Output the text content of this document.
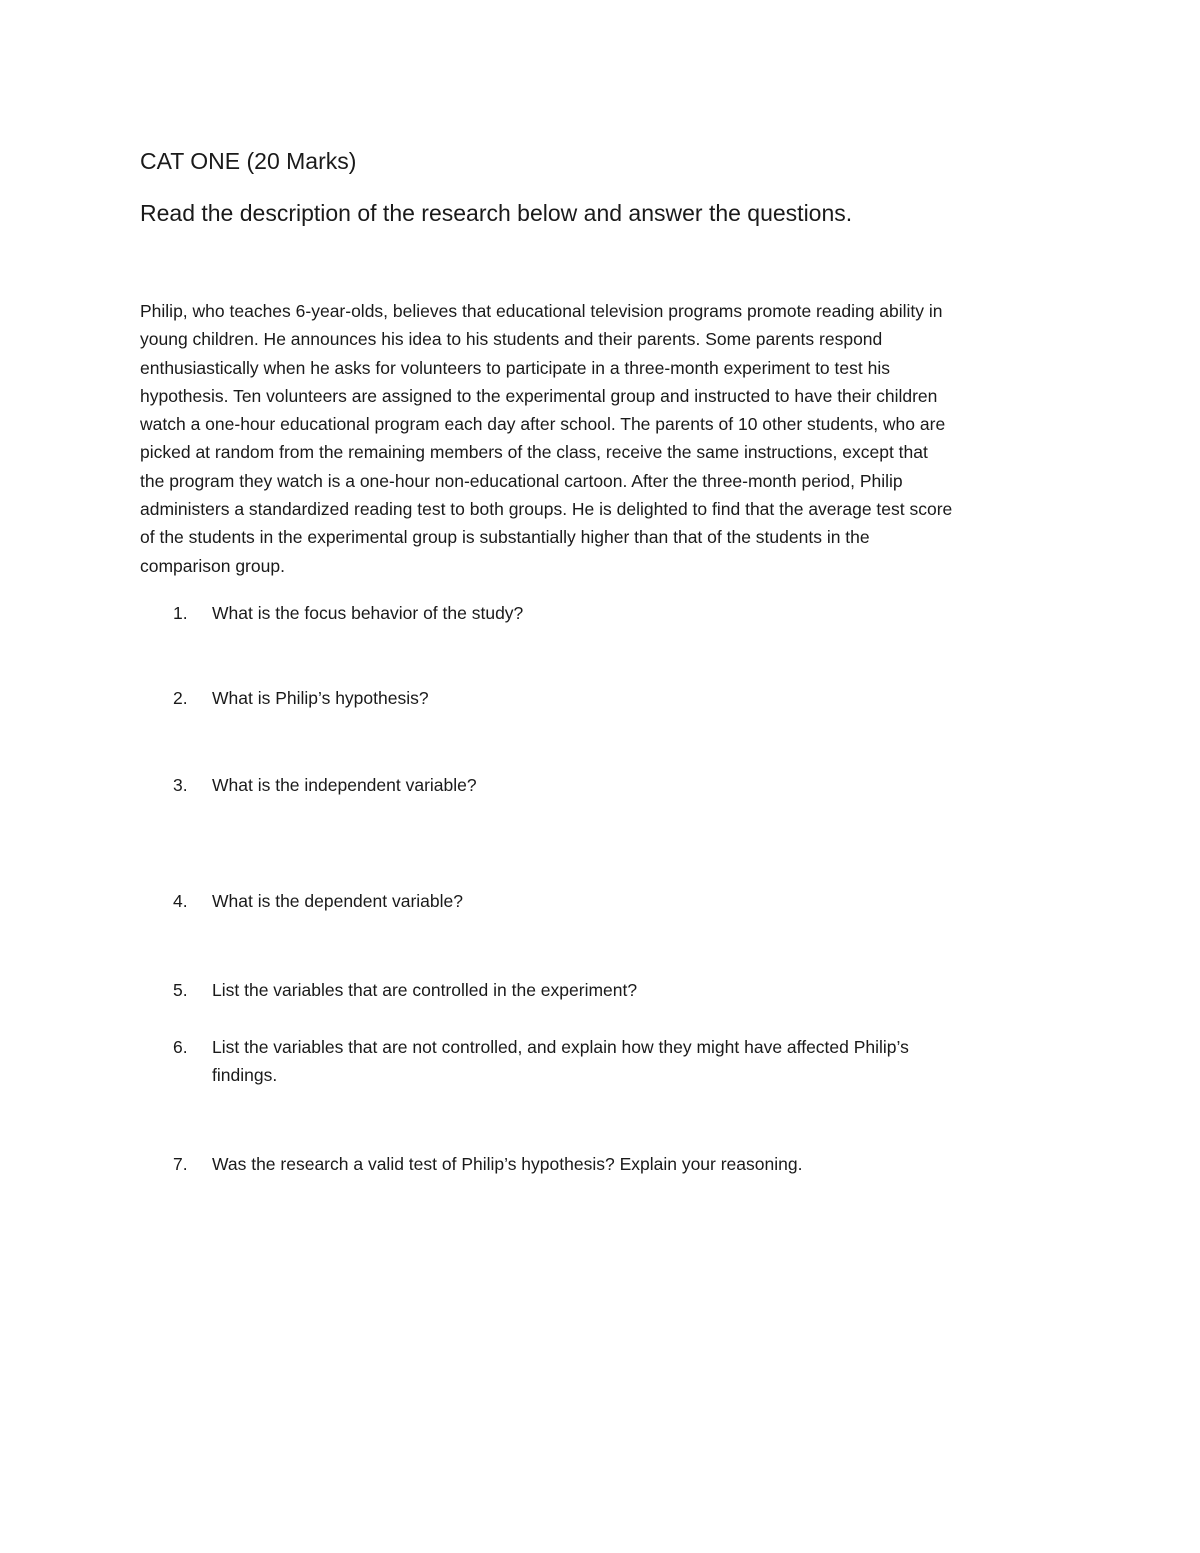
CAT ONE (20 Marks)
Read the description of the research below and answer the questions.
Philip, who teaches 6-year-olds, believes that educational television programs promote reading ability in
young children. He announces his idea to his students and their parents. Some parents respond
enthusiastically when he asks for volunteers to participate in a three-month experiment to test his
hypothesis. Ten volunteers are assigned to the experimental group and instructed to have their children
watch a one-hour educational program each day after school. The parents of 10 other students, who are
picked at random from the remaining members of the class, receive the same instructions, except that
the program they watch is a one-hour non-educational cartoon. After the three-month period, Philip
administers a standardized reading test to both groups. He is delighted to find that the average test score
of the students in the experimental group is substantially higher than that of the students in the
comparison group.
1. What is the focus behavior of the study?
2. What is Philip’s hypothesis?
3. What is the independent variable?
4. What is the dependent variable?
5. List the variables that are controlled in the experiment?
6. List the variables that are not controlled, and explain how they might have affected Philip’s
findings.
7. Was the research a valid test of Philip’s hypothesis? Explain your reasoning.
